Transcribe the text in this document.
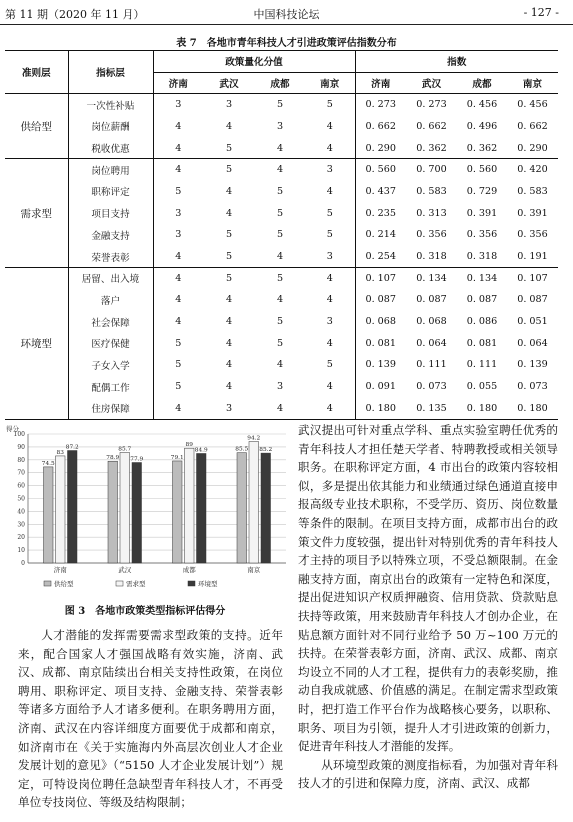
第 11 期（2020 年 11 月）	中国科技论坛	- 127 -
表 7　各地市青年科技人才引进政策评估指数分布
准则层	指标层	政策量化分值				指数			
		济南	武汉	成都	南京	济南	武汉	成都	南京
供给型	一次性补贴	3	3	5	5	0. 273	0. 273	0. 456	0. 456
	岗位薪酬	4	4	3	4	0. 662	0. 662	0. 496	0. 662
	税收优惠	4	5	4	4	0. 290	0. 362	0. 362	0. 290
需求型	岗位聘用	4	5	4	3	0. 560	0. 700	0. 560	0. 420
	职称评定	5	4	5	4	0. 437	0. 583	0. 729	0. 583
	项目支持	3	4	5	5	0. 235	0. 313	0. 391	0. 391
	金融支持	3	5	5	5	0. 214	0. 356	0. 356	0. 356
	荣誉表彰	4	5	4	3	0. 254	0. 318	0. 318	0. 191
环境型	居留、出入境	4	5	5	4	0. 107	0. 134	0. 134	0. 107
	落户	4	4	4	4	0. 087	0. 087	0. 087	0. 087
	社会保障	4	4	5	3	0. 068	0. 068	0. 086	0. 051
	医疗保健	5	4	5	4	0. 081	0. 064	0. 081	0. 064
	子女入学	5	4	4	5	0. 139	0. 111	0. 111	0. 139
	配偶工作	5	4	3	4	0. 091	0. 073	0. 055	0. 073
	住房保障	4	3	4	4	0. 180	0. 135	0. 180	0. 180
得分
0
10
20
30
40
50
60
70
80
90
100
74.5
83
87.2
济南
78.9
85.7
77.9
武汉
79.1
89
84.9
成都
85.5
94.2
85.2
南京
供给型	需求型	环境型
图 3　各地市政策类型指标评估得分

人才潜能的发挥需要需求型政策的支持。近年来，配合国家人才强国战略有效实施，济南、武汉、成都、南京陆续出台相关支持性政策，在岗位聘用、职称评定、项目支持、金融支持、荣誉表彰等诸多方面给予人才诸多便利。在职务聘用方面，济南、武汉在内容详细度方面要优于成都和南京，如济南市在《关于实施海内外高层次创业人才企业发展计划的意见》（“5150 人才企业发展计划”）规定，可特设岗位聘任急缺型青年科技人才，不再受单位专技岗位、等级及结构限制；

武汉提出可针对重点学科、重点实验室聘任优秀的青年科技人才担任楚天学者、特聘教授或相关领导职务。在职称评定方面，4 市出台的政策内容较相似，多是提出依其能力和业绩通过绿色通道直接申报高级专业技术职称，不受学历、资历、岗位数量等条件的限制。在项目支持方面，成都市出台的政策文件力度较强，提出针对特别优秀的青年科技人才主持的项目予以特殊立项，不受总额限制。在金融支持方面，南京出台的政策有一定特色和深度，提出促进知识产权质押融资、信用贷款、贷款贴息扶持等政策，用来鼓励青年科技人才创办企业，在贴息额方面针对不同行业给予 50 万~100 万元的扶持。在荣誉表彰方面，济南、武汉、成都、南京均设立不同的人才工程，提供有力的表彰奖励，推动自我成就感、价值感的满足。在制定需求型政策时，把打造工作平台作为战略核心要务，以职称、职务、项目为引领，提升人才引进政策的创新力，促进青年科技人才潜能的发挥。

从环境型政策的测度指标看，为加强对青年科技人才的引进和保障力度，济南、武汉、成都
